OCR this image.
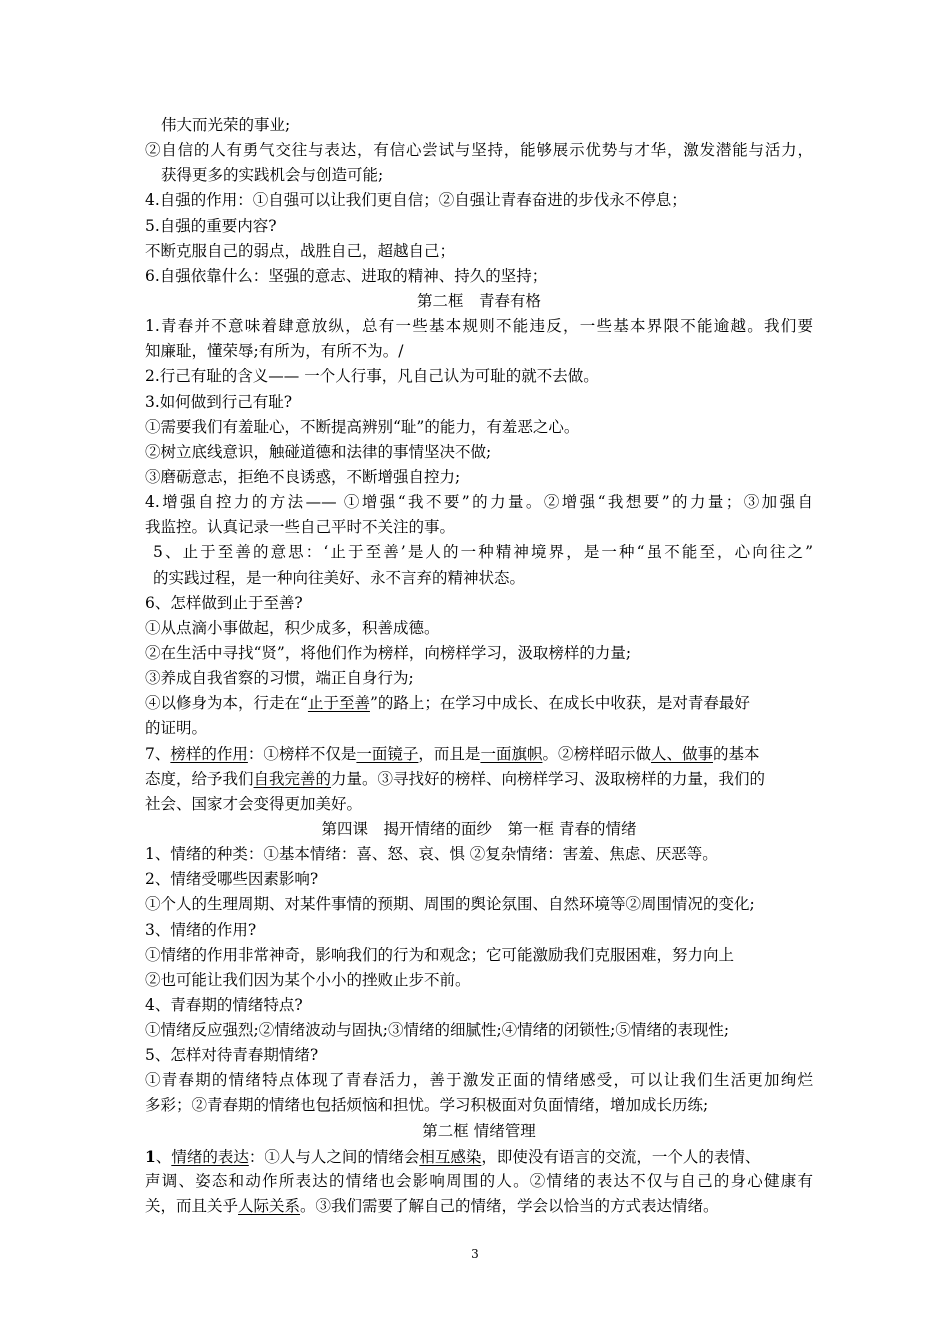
伟大而光荣的事业;
②自信的人有勇气交往与表达，有信心尝试与坚持，能够展示优势与才华，激发潜能与活力，
获得更多的实践机会与创造可能;
4.自强的作用：①自强可以让我们更自信；②自强让青春奋进的步伐永不停息；
5.自强的重要内容?
不断克服自己的弱点，战胜自己，超越自己；
6.自强依靠什么：坚强的意志、进取的精神、持久的坚持；
第二框　青春有格
1.青春并不意味着肆意放纵，总有一些基本规则不能违反，一些基本界限不能逾越。我们要
知廉耻，懂荣辱;有所为，有所不为。/
2.行己有耻的含义—— 一个人行事，凡自己认为可耻的就不去做。
3.如何做到行己有耻?
①需要我们有羞耻心，不断提高辨别“耻”的能力，有羞恶之心。
②树立底线意识，触碰道德和法律的事情坚决不做;
③磨砺意志，拒绝不良诱惑，不断增强自控力;
4.增强自控力的方法—— ①增强“我不要”的力量。②增强“我想要”的力量；③加强自
我监控。认真记录一些自己平时不关注的事。
5、止于至善的意思：‘止于至善’是人的一种精神境界，是一种“虽不能至，心向往之”
的实践过程，是一种向往美好、永不言弃的精神状态。
6、怎样做到止于至善?
①从点滴小事做起，积少成多，积善成德。
②在生活中寻找“贤”，将他们作为榜样，向榜样学习，汲取榜样的力量;
③养成自我省察的习惯，端正自身行为;
④以修身为本，行走在“止于至善”的路上；在学习中成长、在成长中收获，是对青春最好
的证明。
7、榜样的作用：①榜样不仅是一面镜子，而且是一面旗帜。②榜样昭示做人、做事的基本
态度，给予我们自我完善的力量。③寻找好的榜样、向榜样学习、汲取榜样的力量，我们的
社会、国家才会变得更加美好。
第四课　揭开情绪的面纱　第一框 青春的情绪
1、情绪的种类：①基本情绪：喜、怒、哀、惧 ②复杂情绪：害羞、焦虑、厌恶等。
2、情绪受哪些因素影响?
①个人的生理周期、对某件事情的预期、周围的舆论氛围、自然环境等②周围情况的变化;
3、情绪的作用?
①情绪的作用非常神奇，影响我们的行为和观念；它可能激励我们克服困难，努力向上
②也可能让我们因为某个小小的挫败止步不前。
4、青春期的情绪特点?
①情绪反应强烈;②情绪波动与固执;③情绪的细腻性;④情绪的闭锁性;⑤情绪的表现性;
5、怎样对待青春期情绪?
①青春期的情绪特点体现了青春活力，善于激发正面的情绪感受，可以让我们生活更加绚烂
多彩；②青春期的情绪也包括烦恼和担忧。学习积极面对负面情绪，增加成长历练;
第二框 情绪管理
1、情绪的表达：①人与人之间的情绪会相互感染，即使没有语言的交流，一个人的表情、
声调、姿态和动作所表达的情绪也会影响周围的人。②情绪的表达不仅与自己的身心健康有
关，而且关乎人际关系。③我们需要了解自己的情绪，学会以恰当的方式表达情绪。
3
